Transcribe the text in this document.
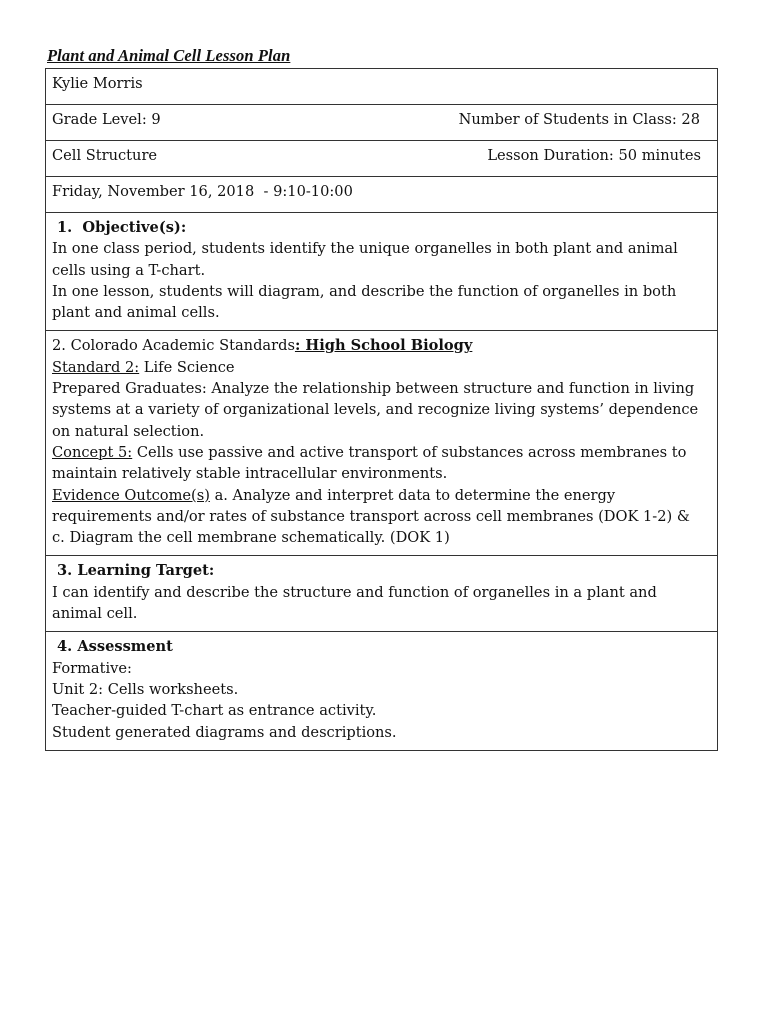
Plant and Animal Cell Lesson Plan
Kylie Morris

Grade Level: 9	Number of Students in Class: 28

Cell Structure	Lesson Duration: 50 minutes

Friday, November 16, 2018  - 9:10-10:00

1.  Objective(s):
In one class period, students identify the unique organelles in both plant and animal cells using a T-chart.
In one lesson, students will diagram, and describe the function of organelles in both plant and animal cells.

2. Colorado Academic Standards: High School Biology
Standard 2: Life Science
Prepared Graduates: Analyze the relationship between structure and function in living systems at a variety of organizational levels, and recognize living systems’ dependence on natural selection.
Concept 5: Cells use passive and active transport of substances across membranes to maintain relatively stable intracellular environments.
Evidence Outcome(s) a. Analyze and interpret data to determine the energy requirements and/or rates of substance transport across cell membranes (DOK 1-2) &
c. Diagram the cell membrane schematically. (DOK 1)

3. Learning Target:
I can identify and describe the structure and function of organelles in a plant and animal cell.

4. Assessment
Formative:
Unit 2: Cells worksheets.
Teacher-guided T-chart as entrance activity.
Student generated diagrams and descriptions.
